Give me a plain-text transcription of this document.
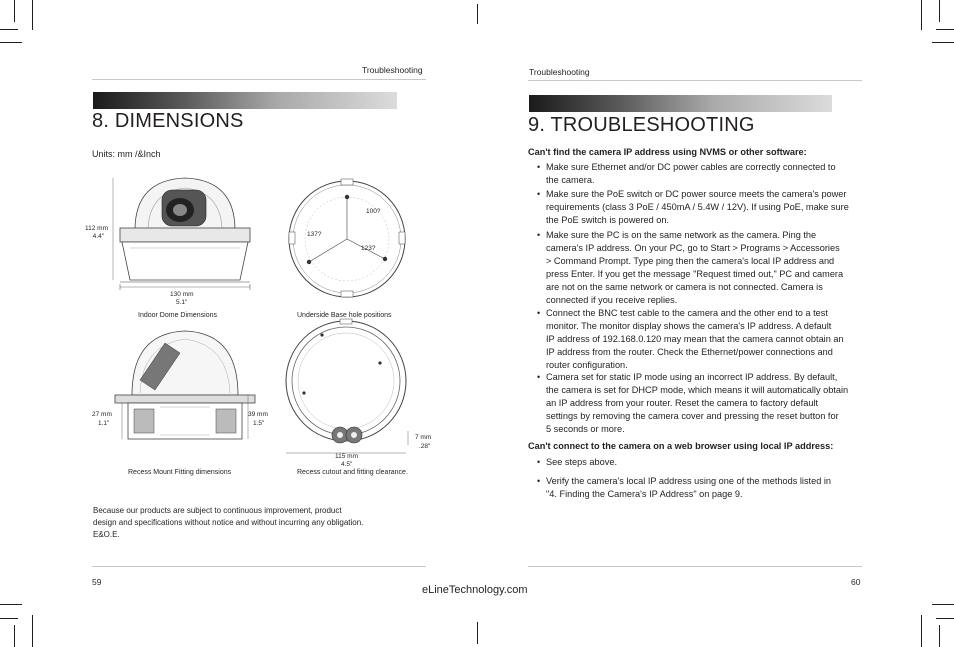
Troubleshooting
8. DIMENSIONS
Units: mm /&Inch
112 mm
4.4"
130 mm
5.1"
Indoor Dome Dimensions
100?
137?
123?
Underside Base hole positions
27 mm
1.1"
39 mm
1.5"
Recess Mount Fitting dimensions
115 mm
4.5"
7 mm
.28"
Recess cutout and fitting clearance.
Because our products are subject to continuous improvement, product
design and specifications without notice and without incurring any obligation.
E&O.E.
59
Troubleshooting
9. TROUBLESHOOTING
Can't find the camera IP address using NVMS or other software:
• Make sure Ethernet and/or DC power cables are correctly connected to
the camera.
• Make sure the PoE switch or DC power source meets the camera's power
requirements (class 3 PoE / 450mA / 5.4W / 12V). If using PoE, make sure
the PoE switch is powered on.
• Make sure the PC is on the same network as the camera. Ping the
camera's IP address. On your PC, go to Start > Programs > Accessories
> Command Prompt. Type ping then the camera's local IP address and
press Enter. If you get the message "Request timed out," PC and camera
are not on the same network or camera is not connected. Camera is
connected if you receive replies.
• Connect the BNC test cable to the camera and the other end to a test
monitor. The monitor display shows the camera's IP address. A default
IP address of 192.168.0.120 may mean that the camera cannot obtain an
IP address from the router. Check the Ethernet/power connections and
router configuration.
• Camera set for static IP mode using an incorrect IP address. By default,
the camera is set for DHCP mode, which means it will automatically obtain
an IP address from your router. Reset the camera to factory default
settings by removing the camera cover and pressing the reset button for
5 seconds or more.
Can't connect to the camera on a web browser using local IP address:
• See steps above.
• Verify the camera's local IP address using one of the methods listed in
"4. Finding the Camera's IP Address" on page 9.
60
eLineTechnology.com
